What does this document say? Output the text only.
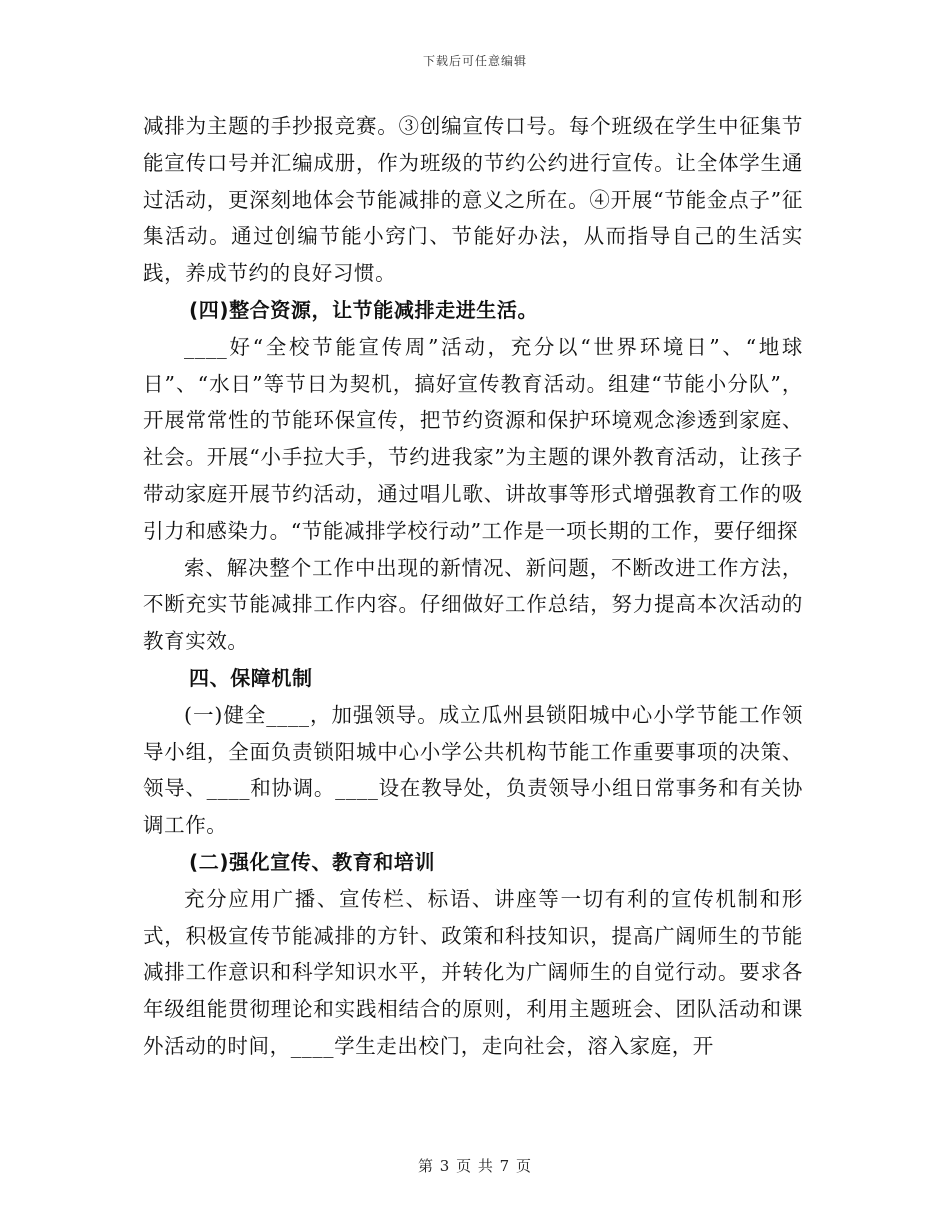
下载后可任意编辑

减排为主题的手抄报竞赛。③创编宣传口号。每个班级在学生中征集节能宣传口号并汇编成册，作为班级的节约公约进行宣传。让全体学生通过活动，更深刻地体会节能减排的意义之所在。④开展“节能金点子”征集活动。通过创编节能小窍门、节能好办法，从而指导自己的生活实践，养成节约的良好习惯。

(四)整合资源，让节能减排走进生活。

____好“全校节能宣传周”活动，充分以“世界环境日”、“地球日”、“水日”等节日为契机，搞好宣传教育活动。组建“节能小分队”，开展常常性的节能环保宣传，把节约资源和保护环境观念渗透到家庭、社会。开展“小手拉大手，节约进我家”为主题的课外教育活动，让孩子带动家庭开展节约活动，通过唱儿歌、讲故事等形式增强教育工作的吸引力和感染力。“节能减排学校行动”工作是一项长期的工作，要仔细探

索、解决整个工作中出现的新情况、新问题，不断改进工作方法，不断充实节能减排工作内容。仔细做好工作总结，努力提高本次活动的教育实效。

四、保障机制

(一)健全____，加强领导。成立瓜州县锁阳城中心小学节能工作领导小组，全面负责锁阳城中心小学公共机构节能工作重要事项的决策、领导、____和协调。____设在教导处，负责领导小组日常事务和有关协调工作。

(二)强化宣传、教育和培训

充分应用广播、宣传栏、标语、讲座等一切有利的宣传机制和形式，积极宣传节能减排的方针、政策和科技知识，提高广阔师生的节能减排工作意识和科学知识水平，并转化为广阔师生的自觉行动。要求各年级组能贯彻理论和实践相结合的原则，利用主题班会、团队活动和课外活动的时间，____学生走出校门，走向社会，溶入家庭，开

第 3 页 共 7 页
